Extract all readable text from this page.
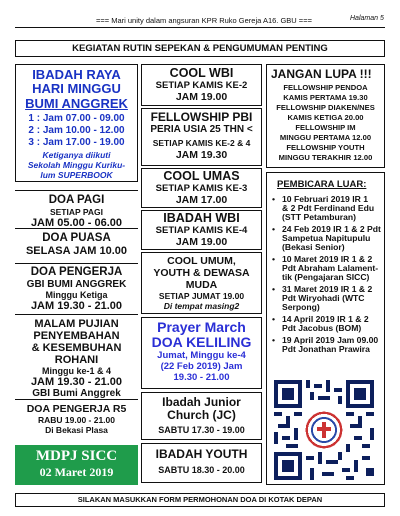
=== Mari unity dalam angsuran KPR Ruko Gereja A16. GBU ===	Halaman 5
KEGIATAN RUTIN SEPEKAN & PENGUMUMAN PENTING
IBADAH RAYA
HARI MINGGU
BUMI ANGGREK
1 : Jam 07.00 - 09.00
2 : Jam 10.00 - 12.00
3 : Jam 17.00 - 19.00
Ketiganya diikuti
Sekolah Minggu Kuriku-
lum SUPERBOOK
DOA PAGI
SETIAP PAGI
JAM 05.00 - 06.00
DOA PUASA
SELASA JAM 10.00
DOA PENGERJA
GBI BUMI ANGGREK
Minggu Ketiga
JAM 19.30 - 21.00
MALAM PUJIAN
PENYEMBAHAN
& KESEMBUHAN
ROHANI
Minggu ke-1 & 4
JAM 19.30 - 21.00
GBI Bumi Anggrek
DOA PENGERJA R5
RABU 19.00 - 21.00
Di Bekasi Plasa
MDPJ SICC
02 Maret 2019
COOL WBI
SETIAP KAMIS KE-2
JAM 19.00
FELLOWSHIP PBI
PERIA USIA 25 THN <
SETIAP KAMIS KE-2 & 4
JAM 19.30
COOL UMAS
SETIAP KAMIS KE-3
JAM 17.00
IBADAH WBI
SETIAP KAMIS KE-4
JAM 19.00
COOL UMUM,
YOUTH & DEWASA
MUDA
SETIAP JUMAT 19.00
Di tempat masing2
Prayer March
DOA KELILING
Jumat, Minggu ke-4
(22 Feb 2019) Jam
19.30 - 21.00
Ibadah Junior
Church (JC)
SABTU 17.30 - 19.00
IBADAH YOUTH
SABTU 18.30 - 20.00
JANGAN LUPA !!!
FELLOWSHIP PENDOA
KAMIS PERTAMA 19.30
FELLOWSHIP DIAKEN/NES
KAMIS KETIGA 20.00
FELLOWSHIP IM
MINGGU PERTAMA 12.00
FELLOWSHIP YOUTH
MINGGU TERAKHIR 12.00
PEMBICARA LUAR:
• 10 Februari 2019 IR 1
& 2 Pdt Ferdinand Edu
(STT Petamburan)
• 24 Feb 2019 IR 1 & 2 Pdt
Sampetua Napitupulu
(Bekasi Senior)
• 10 Maret 2019 IR 1 & 2
Pdt Abraham Lalament-
tik (Pengajaran SICC)
• 31 Maret 2019 IR 1 & 2
Pdt Wiryohadi (WTC
Serpong)
• 14 April 2019 IR 1 & 2
Pdt Jacobus (BOM)
• 19 April 2019 Jam 09.00
Pdt Jonathan Prawira
SILAKAN MASUKKAN FORM PERMOHONAN DOA DI KOTAK DEPAN
